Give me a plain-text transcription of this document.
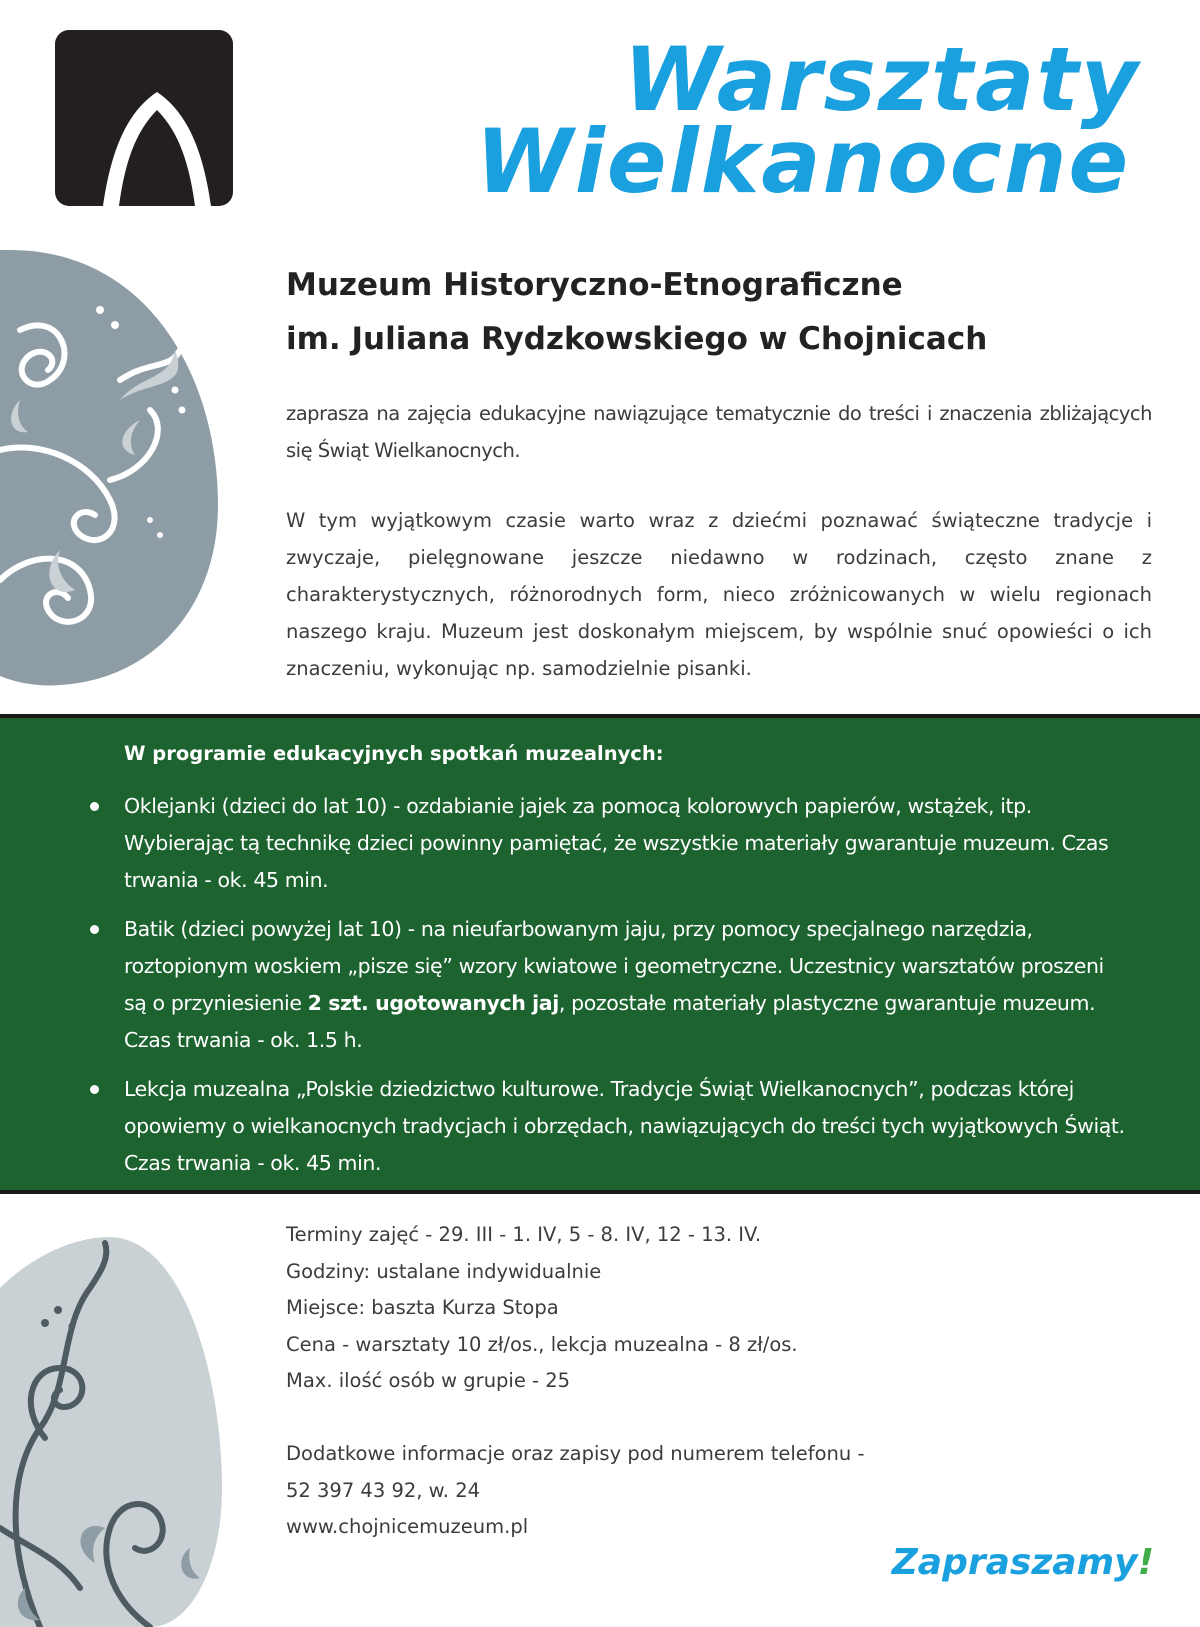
Warsztaty
Wielkanocne
Muzeum Historyczno-Etnograficzne
im. Juliana Rydzkowskiego w Chojnicach

zaprasza na zajęcia edukacyjne nawiązujące tematycznie do treści i znaczenia zbliżających się Świąt Wielkanocnych.

W tym wyjątkowym czasie warto wraz z dziećmi poznawać świąteczne tradycje i zwyczaje, pielęgnowane jeszcze niedawno w rodzinach, często znane z charakterystycznych, różnorodnych form, nieco zróżnicowanych w wielu regionach naszego kraju. Muzeum jest doskonałym miejscem, by wspólnie snuć opowieści o ich znaczeniu, wykonując np. samodzielnie pisanki.

W programie edukacyjnych spotkań muzealnych:
Oklejanki (dzieci do lat 10) - ozdabianie jajek za pomocą kolorowych papierów, wstążek, itp. Wybierając tą technikę dzieci powinny pamiętać, że wszystkie materiały gwarantuje muzeum. Czas trwania - ok. 45 min.
Batik (dzieci powyżej lat 10) - na nieufarbowanym jaju, przy pomocy specjalnego narzędzia, roztopionym woskiem „pisze się” wzory kwiatowe i geometryczne. Uczestnicy warsztatów proszeni są o przyniesienie 2 szt. ugotowanych jaj, pozostałe materiały plastyczne gwarantuje muzeum. Czas trwania - ok. 1.5 h.
Lekcja muzealna „Polskie dziedzictwo kulturowe. Tradycje Świąt Wielkanocnych”, podczas której opowiemy o wielkanocnych tradycjach i obrzędach, nawiązujących do treści tych wyjątkowych Świąt. Czas trwania - ok. 45 min.
Terminy zajęć - 29. III - 1. IV, 5 - 8. IV, 12 - 13. IV.
Godziny: ustalane indywidualnie
Miejsce: baszta Kurza Stopa
Cena - warsztaty 10 zł/os., lekcja muzealna - 8 zł/os.
Max. ilość osób w grupie - 25
Dodatkowe informacje oraz zapisy pod numerem telefonu -
52 397 43 92, w. 24
www.chojnicemuzeum.pl

Zapraszamy!
